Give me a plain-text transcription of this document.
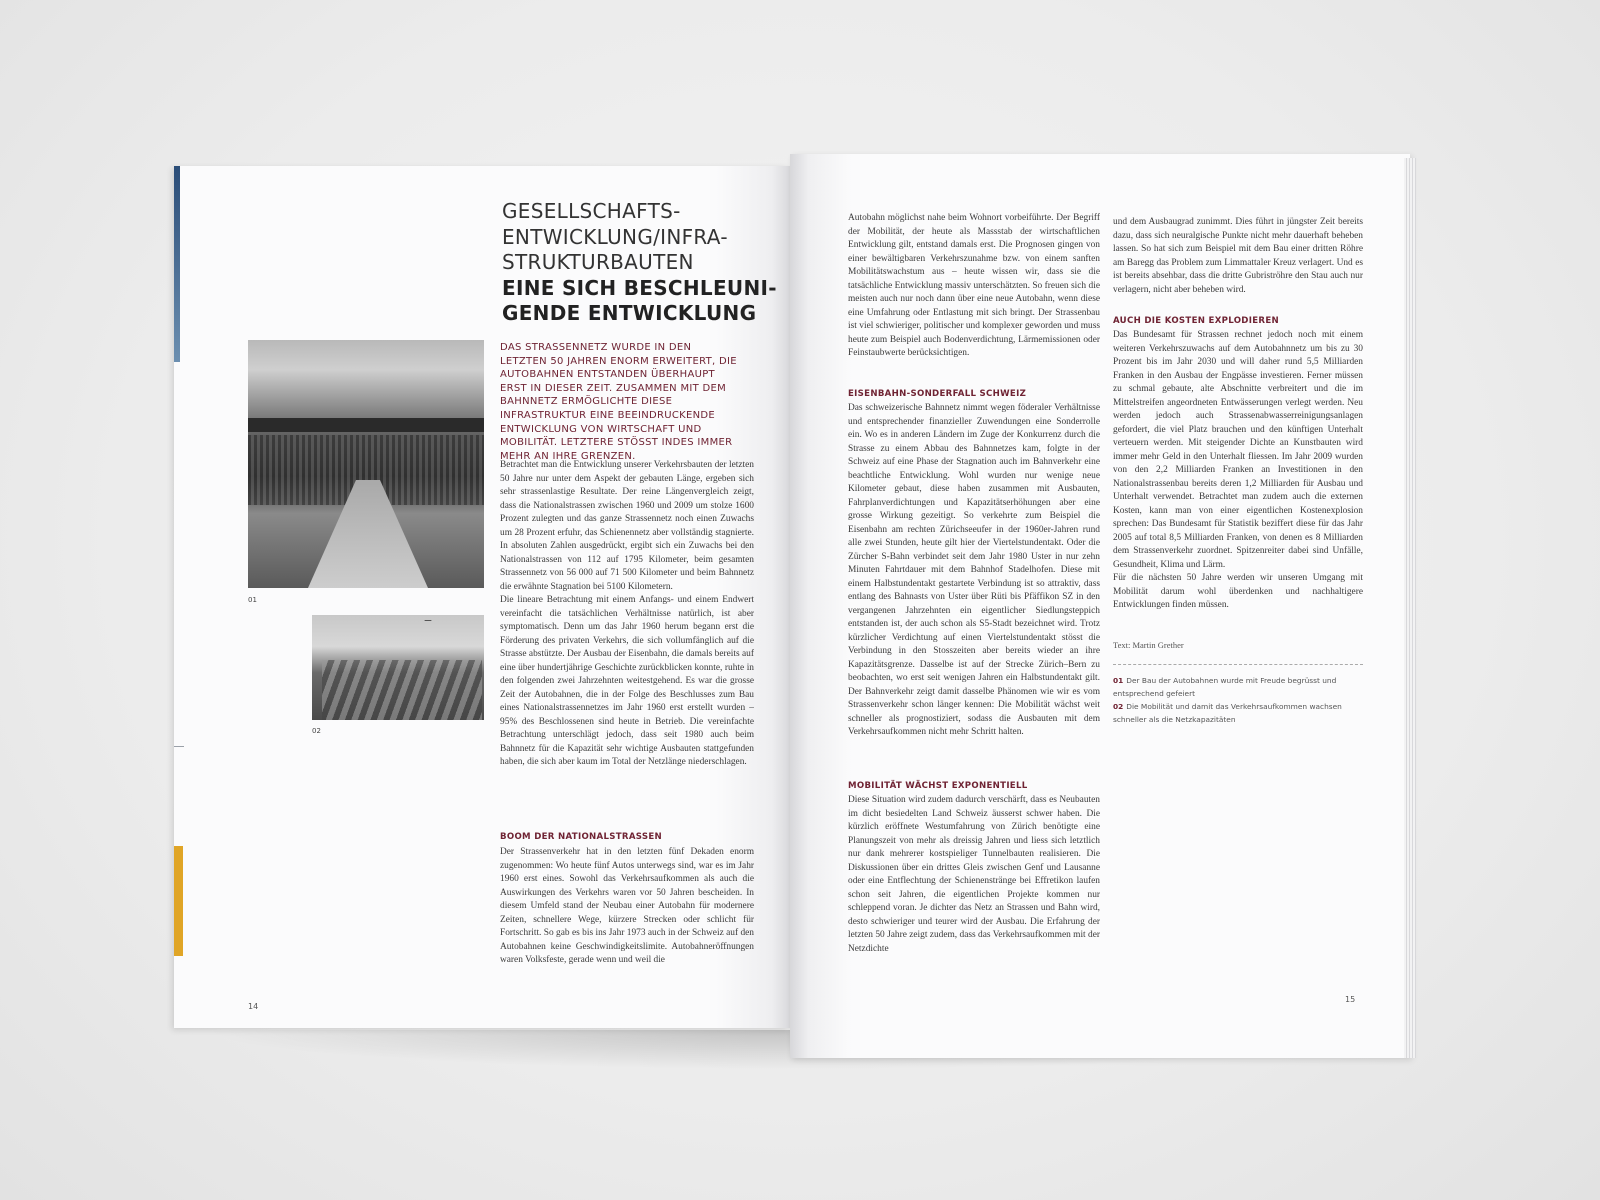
GESELLSCHAFTS-
ENTWICKLUNG/INFRA-
STRUKTURBAUTEN
EINE SICH BESCHLEUNI-
GENDE ENTWICKLUNG
01
02

DAS STRASSENNETZ WURDE IN DEN LETZTEN 50 JAHREN ENORM ERWEITERT, DIE AUTOBAHNEN ENTSTANDEN ÜBERHAUPT ERST IN DIESER ZEIT. ZUSAMMEN MIT DEM BAHNNETZ ERMÖGLICHTE DIESE INFRASTRUKTUR EINE BEEINDRUCKENDE ENTWICKLUNG VON WIRTSCHAFT UND MOBILITÄT. LETZTERE STÖSST INDES IMMER MEHR AN IHRE GRENZEN.

Betrachtet man die Entwicklung unserer Verkehrsbauten der letzten 50 Jahre nur unter dem Aspekt der gebauten Länge, ergeben sich sehr strassenlastige Resultate. Der reine Längenvergleich zeigt, dass die Nationalstrassen zwischen 1960 und 2009 um stolze 1600 Prozent zulegten und das ganze Strassennetz noch einen Zuwachs um 28 Prozent erfuhr, das Schienennetz aber vollständig stagnierte. In absoluten Zahlen ausgedrückt, ergibt sich ein Zuwachs bei den Nationalstrassen von 112 auf 1795 Kilometer, beim gesamten Strassennetz von 56 000 auf 71 500 Kilometer und beim Bahnnetz die erwähnte Stagnation bei 5100 Kilometern.

Die lineare Betrachtung mit einem Anfangs- und einem Endwert vereinfacht die tatsächlichen Verhältnisse natürlich, ist aber symptomatisch. Denn um das Jahr 1960 herum begann erst die Förderung des privaten Verkehrs, die sich vollumfänglich auf die Strasse abstützte. Der Ausbau der Eisenbahn, die damals bereits auf eine über hundertjährige Geschichte zurückblicken konnte, ruhte in den folgenden zwei Jahrzehnten weitestgehend. Es war die grosse Zeit der Autobahnen, die in der Folge des Beschlusses zum Bau eines Nationalstrassennetzes im Jahr 1960 erst erstellt wurden – 95% des Beschlossenen sind heute in Betrieb. Die vereinfachte Betrachtung unterschlägt jedoch, dass seit 1980 auch beim Bahnnetz für die Kapazität sehr wichtige Ausbauten stattgefunden haben, die sich aber kaum im Total der Netzlänge niederschlagen.

BOOM DER NATIONALSTRASSEN

Der Strassenverkehr hat in den letzten fünf Dekaden enorm zugenommen: Wo heute fünf Autos unterwegs sind, war es im Jahr 1960 erst eines. Sowohl das Verkehrsaufkommen als auch die Auswirkungen des Verkehrs waren vor 50 Jahren bescheiden. In diesem Umfeld stand der Neubau einer Autobahn für modernere Zeiten, schnellere Wege, kürzere Strecken oder schlicht für Fortschritt. So gab es bis ins Jahr 1973 auch in der Schweiz auf den Autobahnen keine Geschwindigkeitslimite. Autobahneröffnungen waren Volksfeste, gerade wenn und weil die

14

Autobahn möglichst nahe beim Wohnort vorbeiführte. Der Begriff der Mobilität, der heute als Massstab der wirtschaftlichen Entwicklung gilt, entstand damals erst. Die Prognosen gingen von einer bewältigbaren Verkehrszunahme bzw. von einem sanften Mobilitätswachstum aus – heute wissen wir, dass sie die tatsächliche Entwicklung massiv unterschätzten. So freuen sich die meisten auch nur noch dann über eine neue Autobahn, wenn diese eine Umfahrung oder Entlastung mit sich bringt. Der Strassenbau ist viel schwieriger, politischer und komplexer geworden und muss heute zum Beispiel auch Bodenverdichtung, Lärmemissionen oder Feinstaubwerte berücksichtigen.

EISENBAHN-SONDERFALL SCHWEIZ

Das schweizerische Bahnnetz nimmt wegen föderaler Verhältnisse und entsprechender finanzieller Zuwendungen eine Sonderrolle ein. Wo es in anderen Ländern im Zuge der Konkurrenz durch die Strasse zu einem Abbau des Bahnnetzes kam, folgte in der Schweiz auf eine Phase der Stagnation auch im Bahnverkehr eine beachtliche Entwicklung. Wohl wurden nur wenige neue Kilometer gebaut, diese haben zusammen mit Ausbauten, Fahrplanverdichtungen und Kapazitätserhöhungen aber eine grosse Wirkung gezeitigt. So verkehrte zum Beispiel die Eisenbahn am rechten Zürichseeufer in der 1960er-Jahren rund alle zwei Stunden, heute gilt hier der Viertelstundentakt. Oder die Zürcher S-Bahn verbindet seit dem Jahr 1980 Uster in nur zehn Minuten Fahrtdauer mit dem Bahnhof Stadelhofen. Diese mit einem Halbstundentakt gestartete Verbindung ist so attraktiv, dass entlang des Bahnasts von Uster über Rüti bis Pfäffikon SZ in den vergangenen Jahrzehnten ein eigentlicher Siedlungsteppich entstanden ist, der auch schon als S5-Stadt bezeichnet wird. Trotz kürzlicher Verdichtung auf einen Viertelstundentakt stösst die Verbindung in den Stosszeiten aber bereits wieder an ihre Kapazitätsgrenze. Dasselbe ist auf der Strecke Zürich–Bern zu beobachten, wo erst seit wenigen Jahren ein Halbstundentakt gilt. Der Bahnverkehr zeigt damit dasselbe Phänomen wie wir es vom Strassenverkehr schon länger kennen: Die Mobilität wächst weit schneller als prognostiziert, sodass die Ausbauten mit dem Verkehrsaufkommen nicht mehr Schritt halten.

MOBILITÄT WÄCHST EXPONENTIELL

Diese Situation wird zudem dadurch verschärft, dass es Neubauten im dicht besiedelten Land Schweiz äusserst schwer haben. Die kürzlich eröffnete Westumfahrung von Zürich benötigte eine Planungszeit von mehr als dreissig Jahren und liess sich letztlich nur dank mehrerer kostspieliger Tunnelbauten realisieren. Die Diskussionen über ein drittes Gleis zwischen Genf und Lausanne oder eine Entflechtung der Schienenstränge bei Effretikon laufen schon seit Jahren, die eigentlichen Projekte kommen nur schleppend voran. Je dichter das Netz an Strassen und Bahn wird, desto schwieriger und teurer wird der Ausbau. Die Erfahrung der letzten 50 Jahre zeigt zudem, dass das Verkehrsaufkommen mit der Netzdichte

und dem Ausbaugrad zunimmt. Dies führt in jüngster Zeit bereits dazu, dass sich neuralgische Punkte nicht mehr dauerhaft beheben lassen. So hat sich zum Beispiel mit dem Bau einer dritten Röhre am Baregg das Problem zum Limmattaler Kreuz verlagert. Und es ist bereits absehbar, dass die dritte Gubriströhre den Stau auch nur verlagern, nicht aber beheben wird.

AUCH DIE KOSTEN EXPLODIEREN

Das Bundesamt für Strassen rechnet jedoch noch mit einem weiteren Verkehrszuwachs auf dem Autobahnnetz um bis zu 30 Prozent bis im Jahr 2030 und will daher rund 5,5 Milliarden Franken in den Ausbau der Engpässe investieren. Ferner müssen zu schmal gebaute, alte Abschnitte verbreitert und die im Mittelstreifen angeordneten Entwässerungen verlegt werden. Neu werden jedoch auch Strassenabwasserreinigungsanlagen gefordert, die viel Platz brauchen und den künftigen Unterhalt verteuern werden. Mit steigender Dichte an Kunstbauten wird immer mehr Geld in den Unterhalt fliessen. Im Jahr 2009 wurden von den 2,2 Milliarden Franken an Investitionen in den Nationalstrassenbau bereits deren 1,2 Milliarden für Ausbau und Unterhalt verwendet. Betrachtet man zudem auch die externen Kosten, kann man von einer eigentlichen Kostenexplosion sprechen: Das Bundesamt für Statistik beziffert diese für das Jahr 2005 auf total 8,5 Milliarden Franken, von denen es 8 Milliarden dem Strassenverkehr zuordnet. Spitzenreiter dabei sind Unfälle, Gesundheit, Klima und Lärm.

Für die nächsten 50 Jahre werden wir unseren Umgang mit Mobilität darum wohl überdenken und nachhaltigere Entwicklungen finden müssen.

Text: Martin Grether

01 Der Bau der Autobahnen wurde mit Freude begrüsst und entsprechend gefeiert

02 Die Mobilität und damit das Verkehrsaufkommen wachsen schneller als die Netzkapazitäten

15
